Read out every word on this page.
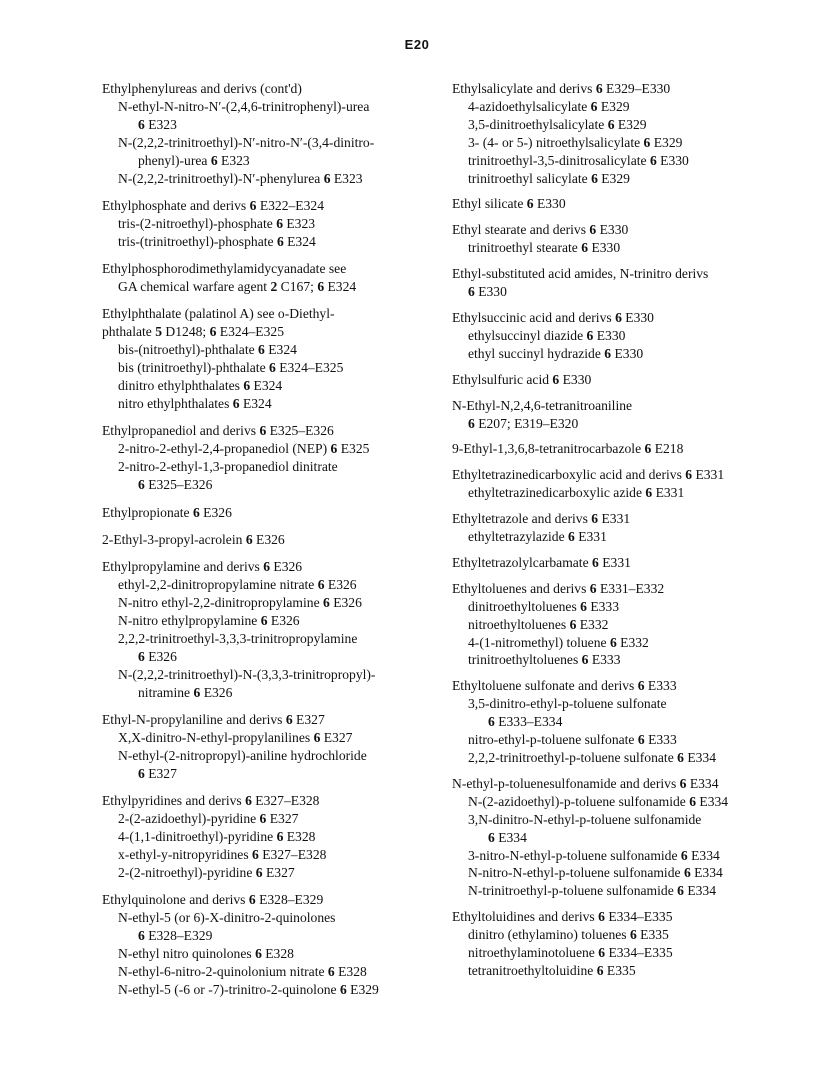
E20
Ethylphenylureas and derivs (cont'd)
N-ethyl-N-nitro-N′-(2,4,6-trinitrophenyl)-urea
6 E323
N-(2,2,2-trinitroethyl)-N′-nitro-N′-(3,4-dinitro-
phenyl)-urea 6 E323
N-(2,2,2-trinitroethyl)-N′-phenylurea 6 E323
Ethylphosphate and derivs 6 E322–E324
tris-(2-nitroethyl)-phosphate 6 E323
tris-(trinitroethyl)-phosphate 6 E324
Ethylphosphorodimethylamidycyanadate see
GA chemical warfare agent 2 C167; 6 E324
Ethylphthalate (palatinol A) see o-Diethyl-
phthalate 5 D1248; 6 E324–E325
bis-(nitroethyl)-phthalate 6 E324
bis (trinitroethyl)-phthalate 6 E324–E325
dinitro ethylphthalates 6 E324
nitro ethylphthalates 6 E324
Ethylpropanediol and derivs 6 E325–E326
2-nitro-2-ethyl-2,4-propanediol (NEP) 6 E325
2-nitro-2-ethyl-1,3-propanediol dinitrate
6 E325–E326
Ethylpropionate 6 E326
2-Ethyl-3-propyl-acrolein 6 E326
Ethylpropylamine and derivs 6 E326
ethyl-2,2-dinitropropylamine nitrate 6 E326
N-nitro ethyl-2,2-dinitropropylamine 6 E326
N-nitro ethylpropylamine 6 E326
2,2,2-trinitroethyl-3,3,3-trinitropropylamine
6 E326
N-(2,2,2-trinitroethyl)-N-(3,3,3-trinitropropyl)-
nitramine 6 E326
Ethyl-N-propylaniline and derivs 6 E327
X,X-dinitro-N-ethyl-propylanilines 6 E327
N-ethyl-(2-nitropropyl)-aniline hydrochloride
6 E327
Ethylpyridines and derivs 6 E327–E328
2-(2-azidoethyl)-pyridine 6 E327
4-(1,1-dinitroethyl)-pyridine 6 E328
x-ethyl-y-nitropyridines 6 E327–E328
2-(2-nitroethyl)-pyridine 6 E327
Ethylquinolone and derivs 6 E328–E329
N-ethyl-5 (or 6)-X-dinitro-2-quinolones
6 E328–E329
N-ethyl nitro quinolones 6 E328
N-ethyl-6-nitro-2-quinolonium nitrate 6 E328
N-ethyl-5 (-6 or -7)-trinitro-2-quinolone 6 E329
Ethylsalicylate and derivs 6 E329–E330
4-azidoethylsalicylate 6 E329
3,5-dinitroethylsalicylate 6 E329
3- (4- or 5-) nitroethylsalicylate 6 E329
trinitroethyl-3,5-dinitrosalicylate 6 E330
trinitroethyl salicylate 6 E329
Ethyl silicate 6 E330
Ethyl stearate and derivs 6 E330
trinitroethyl stearate 6 E330
Ethyl-substituted acid amides, N-trinitro derivs
6 E330
Ethylsuccinic acid and derivs 6 E330
ethylsuccinyl diazide 6 E330
ethyl succinyl hydrazide 6 E330
Ethylsulfuric acid 6 E330
N-Ethyl-N,2,4,6-tetranitroaniline
6 E207; E319–E320
9-Ethyl-1,3,6,8-tetranitrocarbazole 6 E218
Ethyltetrazinedicarboxylic acid and derivs 6 E331
ethyltetrazinedicarboxylic azide 6 E331
Ethyltetrazole and derivs 6 E331
ethyltetrazylazide 6 E331
Ethyltetrazolylcarbamate 6 E331
Ethyltoluenes and derivs 6 E331–E332
dinitroethyltoluenes 6 E333
nitroethyltoluenes 6 E332
4-(1-nitromethyl) toluene 6 E332
trinitroethyltoluenes 6 E333
Ethyltoluene sulfonate and derivs 6 E333
3,5-dinitro-ethyl-p-toluene sulfonate
6 E333–E334
nitro-ethyl-p-toluene sulfonate 6 E333
2,2,2-trinitroethyl-p-toluene sulfonate 6 E334
N-ethyl-p-toluenesulfonamide and derivs 6 E334
N-(2-azidoethyl)-p-toluene sulfonamide 6 E334
3,N-dinitro-N-ethyl-p-toluene sulfonamide
6 E334
3-nitro-N-ethyl-p-toluene sulfonamide 6 E334
N-nitro-N-ethyl-p-toluene sulfonamide 6 E334
N-trinitroethyl-p-toluene sulfonamide 6 E334
Ethyltoluidines and derivs 6 E334–E335
dinitro (ethylamino) toluenes 6 E335
nitroethylaminotoluene 6 E334–E335
tetranitroethyltoluidine 6 E335
